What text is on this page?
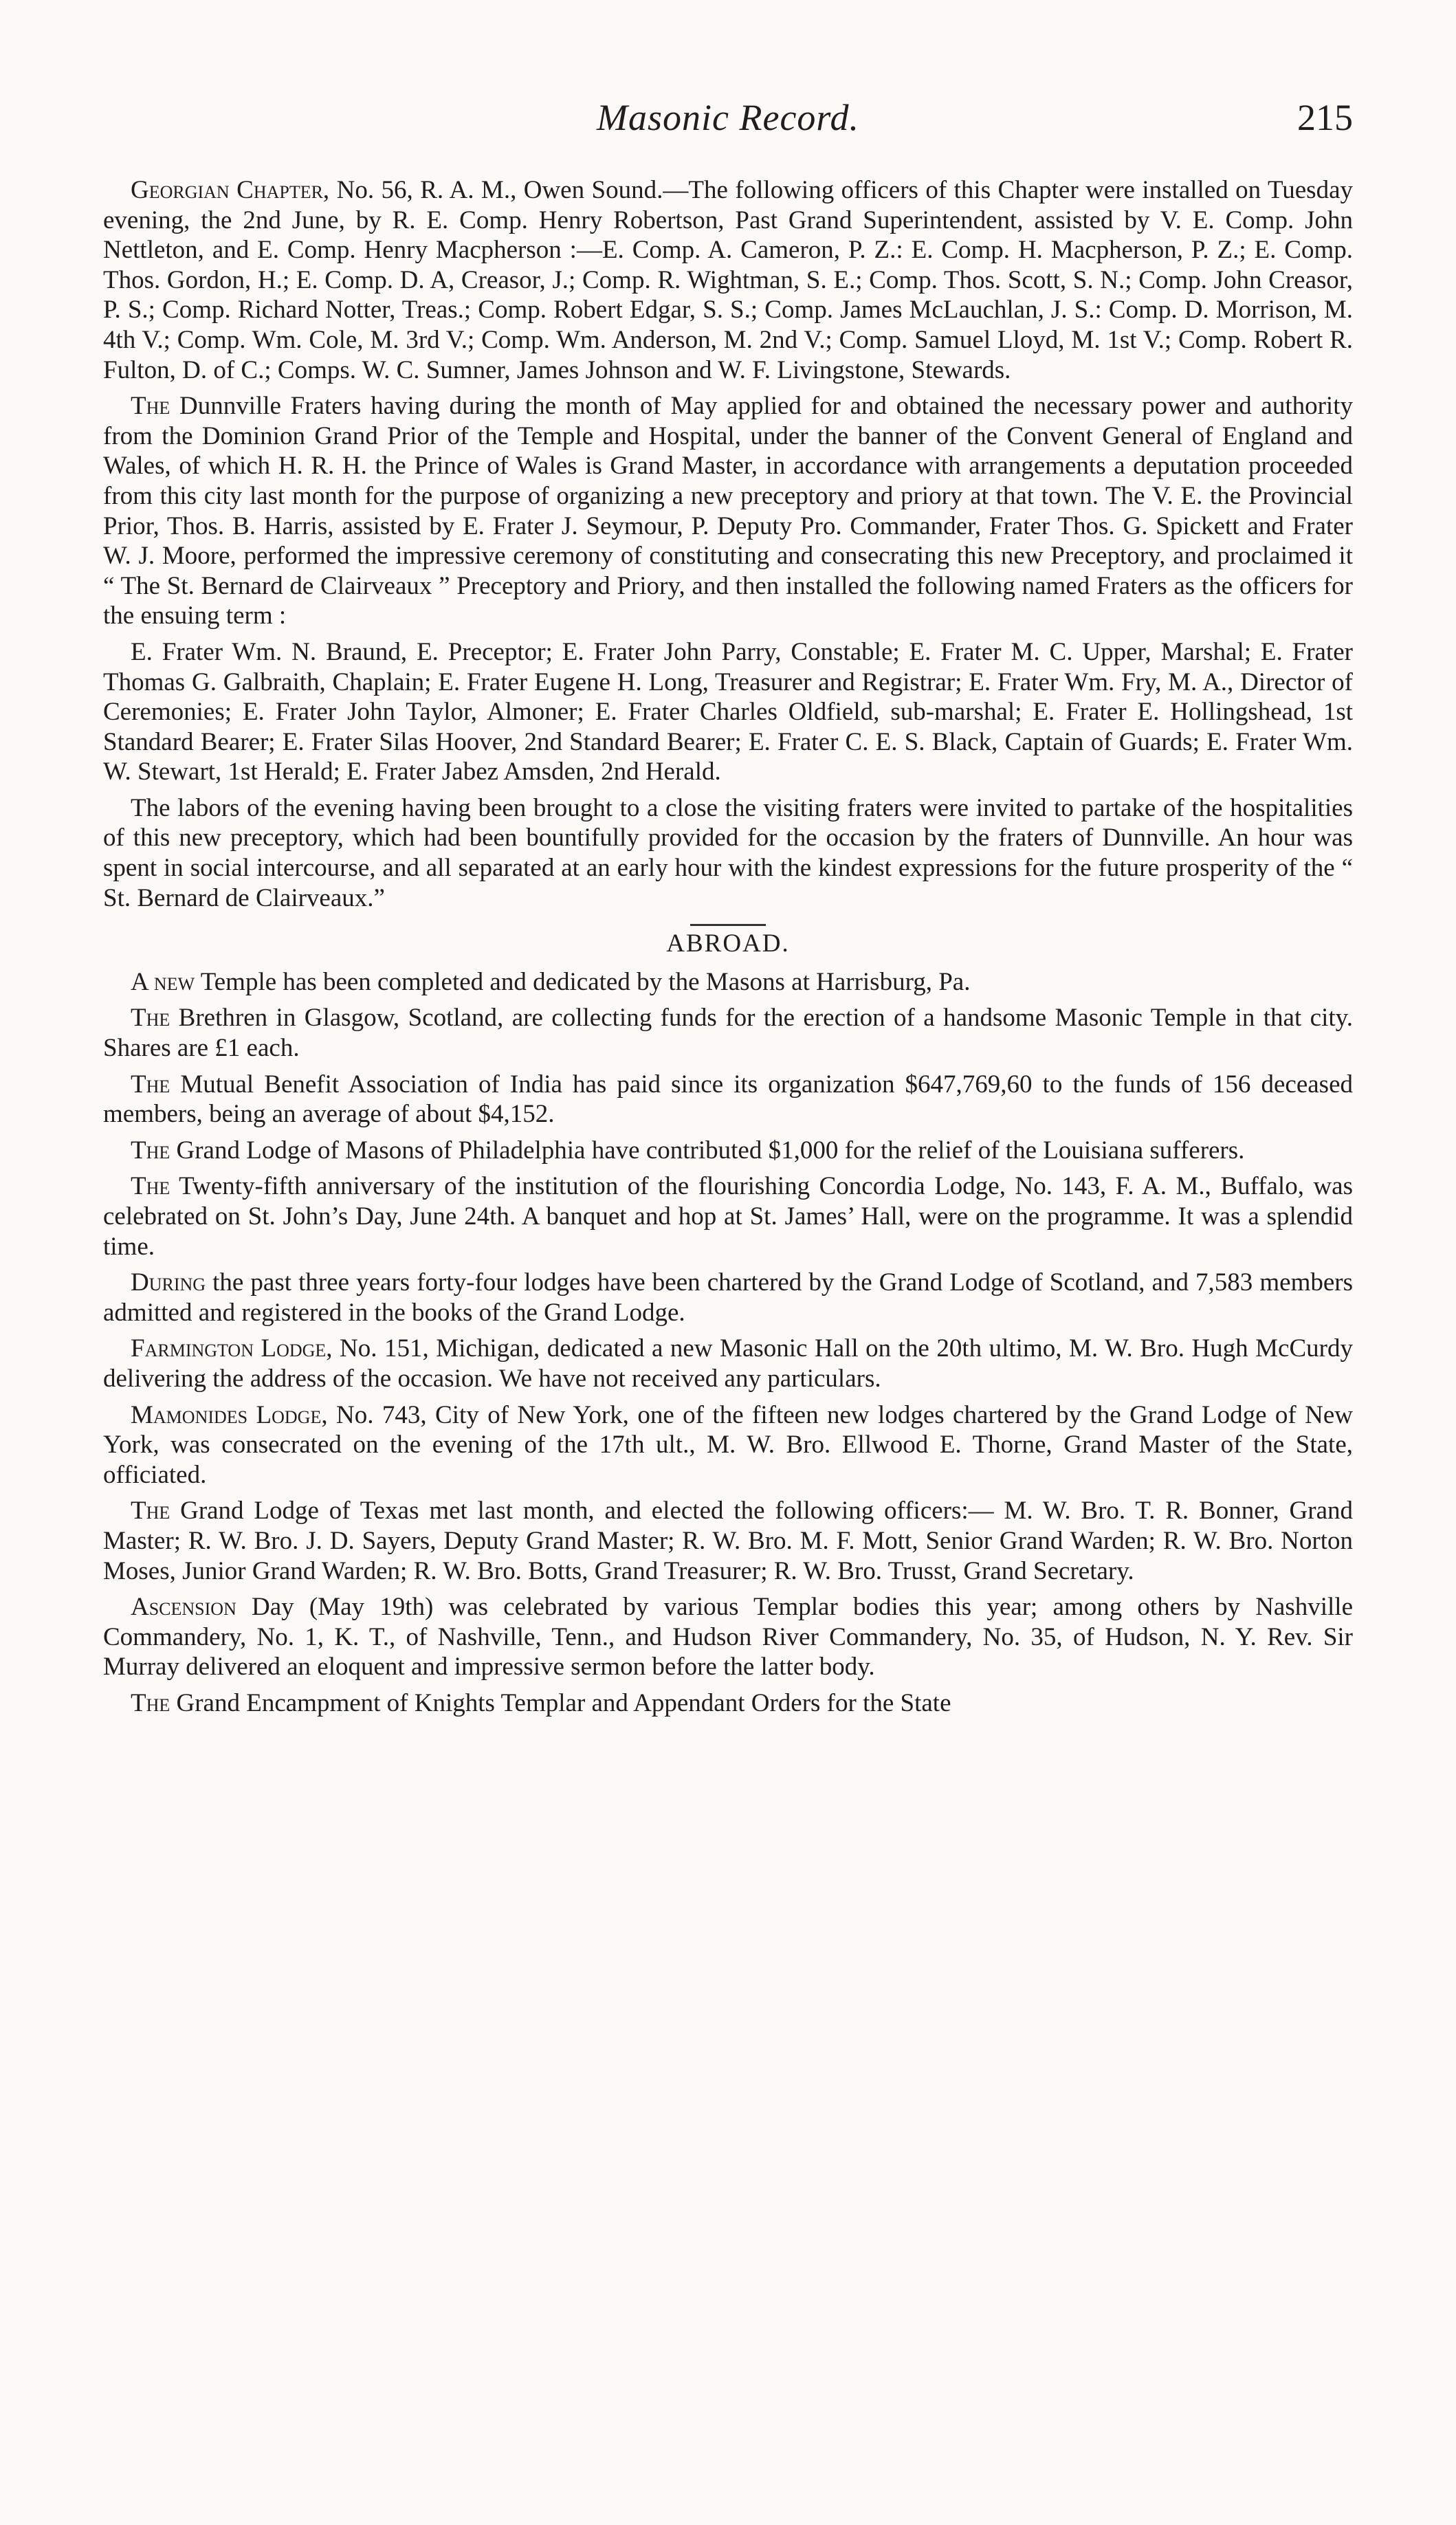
Masonic Record.	215

Georgian Chapter, No. 56, R. A. M., Owen Sound.—The following officers of this Chapter were installed on Tuesday evening, the 2nd June, by R. E. Comp. Henry Robertson, Past Grand Superintendent, assisted by V. E. Comp. John Nettleton, and E. Comp. Henry Macpherson :—E. Comp. A. Cameron, P. Z.: E. Comp. H. Macpherson, P. Z.; E. Comp. Thos. Gordon, H.; E. Comp. D. A, Creasor, J.; Comp. R. Wightman, S. E.; Comp. Thos. Scott, S. N.; Comp. John Creasor, P. S.; Comp. Richard Notter, Treas.; Comp. Robert Edgar, S. S.; Comp. James McLauchlan, J. S.: Comp. D. Morrison, M. 4th V.; Comp. Wm. Cole, M. 3rd V.; Comp. Wm. Anderson, M. 2nd V.; Comp. Samuel Lloyd, M. 1st V.; Comp. Robert R. Fulton, D. of C.; Comps. W. C. Sumner, James Johnson and W. F. Livingstone, Stewards.

The Dunnville Fraters having during the month of May applied for and obtained the necessary power and authority from the Dominion Grand Prior of the Temple and Hospital, under the banner of the Convent General of England and Wales, of which H. R. H. the Prince of Wales is Grand Master, in accordance with arrangements a deputation proceeded from this city last month for the purpose of organizing a new preceptory and priory at that town. The V. E. the Provincial Prior, Thos. B. Harris, assisted by E. Frater J. Seymour, P. Deputy Pro. Commander, Frater Thos. G. Spickett and Frater W. J. Moore, performed the impressive ceremony of constituting and consecrating this new Preceptory, and proclaimed it “ The St. Bernard de Clairveaux ” Preceptory and Priory, and then installed the following named Fraters as the officers for the ensuing term :

E. Frater Wm. N. Braund, E. Preceptor; E. Frater John Parry, Constable; E. Frater M. C. Upper, Marshal; E. Frater Thomas G. Galbraith, Chaplain; E. Frater Eugene H. Long, Treasurer and Registrar; E. Frater Wm. Fry, M. A., Director of Ceremonies; E. Frater John Taylor, Almoner; E. Frater Charles Oldfield, sub-marshal; E. Frater E. Hollingshead, 1st Standard Bearer; E. Frater Silas Hoover, 2nd Standard Bearer; E. Frater C. E. S. Black, Captain of Guards; E. Frater Wm. W. Stewart, 1st Herald; E. Frater Jabez Amsden, 2nd Herald.

The labors of the evening having been brought to a close the visiting fraters were invited to partake of the hospitalities of this new preceptory, which had been bountifully provided for the occasion by the fraters of Dunnville. An hour was spent in social intercourse, and all separated at an early hour with the kindest expressions for the future prosperity of the “ St. Bernard de Clairveaux.”

ABROAD.

A new Temple has been completed and dedicated by the Masons at Harrisburg, Pa.

The Brethren in Glasgow, Scotland, are collecting funds for the erection of a handsome Masonic Temple in that city. Shares are £1 each.

The Mutual Benefit Association of India has paid since its organization $647,769,60 to the funds of 156 deceased members, being an average of about $4,152.

The Grand Lodge of Masons of Philadelphia have contributed $1,000 for the relief of the Louisiana sufferers.

The Twenty-fifth anniversary of the institution of the flourishing Concordia Lodge, No. 143, F. A. M., Buffalo, was celebrated on St. John’s Day, June 24th. A banquet and hop at St. James’ Hall, were on the programme. It was a splendid time.

During the past three years forty-four lodges have been chartered by the Grand Lodge of Scotland, and 7,583 members admitted and registered in the books of the Grand Lodge.

Farmington Lodge, No. 151, Michigan, dedicated a new Masonic Hall on the 20th ultimo, M. W. Bro. Hugh McCurdy delivering the address of the occasion. We have not received any particulars.

Mamonides Lodge, No. 743, City of New York, one of the fifteen new lodges chartered by the Grand Lodge of New York, was consecrated on the evening of the 17th ult., M. W. Bro. Ellwood E. Thorne, Grand Master of the State, officiated.

The Grand Lodge of Texas met last month, and elected the following officers:— M. W. Bro. T. R. Bonner, Grand Master; R. W. Bro. J. D. Sayers, Deputy Grand Master; R. W. Bro. M. F. Mott, Senior Grand Warden; R. W. Bro. Norton Moses, Junior Grand Warden; R. W. Bro. Botts, Grand Treasurer; R. W. Bro. Trusst, Grand Secretary.

Ascension Day (May 19th) was celebrated by various Templar bodies this year; among others by Nashville Commandery, No. 1, K. T., of Nashville, Tenn., and Hudson River Commandery, No. 35, of Hudson, N. Y. Rev. Sir Murray delivered an eloquent and impressive sermon before the latter body.

The Grand Encampment of Knights Templar and Appendant Orders for the State
